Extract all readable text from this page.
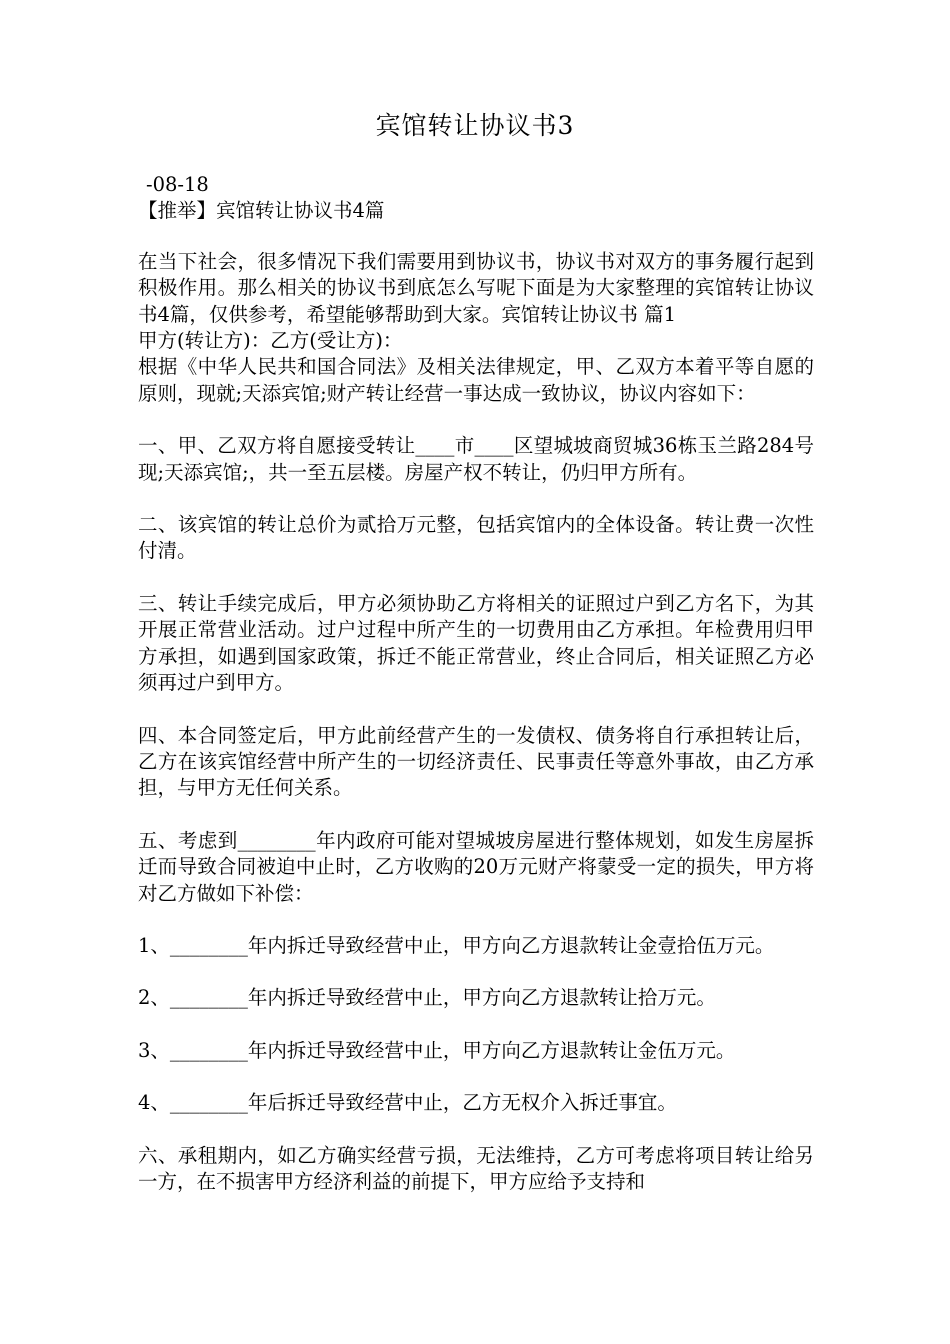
宾馆转让协议书3

-08-18

【推举】宾馆转让协议书4篇

在当下社会，很多情况下我们需要用到协议书，协议书对双方的事务履行起到积极作用。那么相关的协议书到底怎么写呢下面是为大家整理的宾馆转让协议书4篇，仅供参考，希望能够帮助到大家。宾馆转让协议书 篇1

甲方(转让方)：乙方(受让方)：

根据《中华人民共和国合同法》及相关法律规定，甲、乙双方本着平等自愿的原则，现就;天添宾馆;财产转让经营一事达成一致协议，协议内容如下：

一、甲、乙双方将自愿接受转让____市____区望城坡商贸城36栋玉兰路284号现;天添宾馆;，共一至五层楼。房屋产权不转让，仍归甲方所有。

二、该宾馆的转让总价为贰拾万元整，包括宾馆内的全体设备。转让费一次性付清。

三、转让手续完成后，甲方必须协助乙方将相关的证照过户到乙方名下，为其开展正常营业活动。过户过程中所产生的一切费用由乙方承担。年检费用归甲方承担，如遇到国家政策，拆迁不能正常营业，终止合同后，相关证照乙方必须再过户到甲方。

四、本合同签定后，甲方此前经营产生的一发债权、债务将自行承担转让后，乙方在该宾馆经营中所产生的一切经济责任、民事责任等意外事故，由乙方承担，与甲方无任何关系。

五、考虑到________年内政府可能对望城坡房屋进行整体规划，如发生房屋拆迁而导致合同被迫中止时，乙方收购的20万元财产将蒙受一定的损失，甲方将对乙方做如下补偿：

1、________年内拆迁导致经营中止，甲方向乙方退款转让金壹拾伍万元。

2、________年内拆迁导致经营中止，甲方向乙方退款转让拾万元。

3、________年内拆迁导致经营中止，甲方向乙方退款转让金伍万元。

4、________年后拆迁导致经营中止，乙方无权介入拆迁事宜。

六、承租期内，如乙方确实经营亏损，无法维持，乙方可考虑将项目转让给另一方，在不损害甲方经济利益的前提下，甲方应给予支持和
